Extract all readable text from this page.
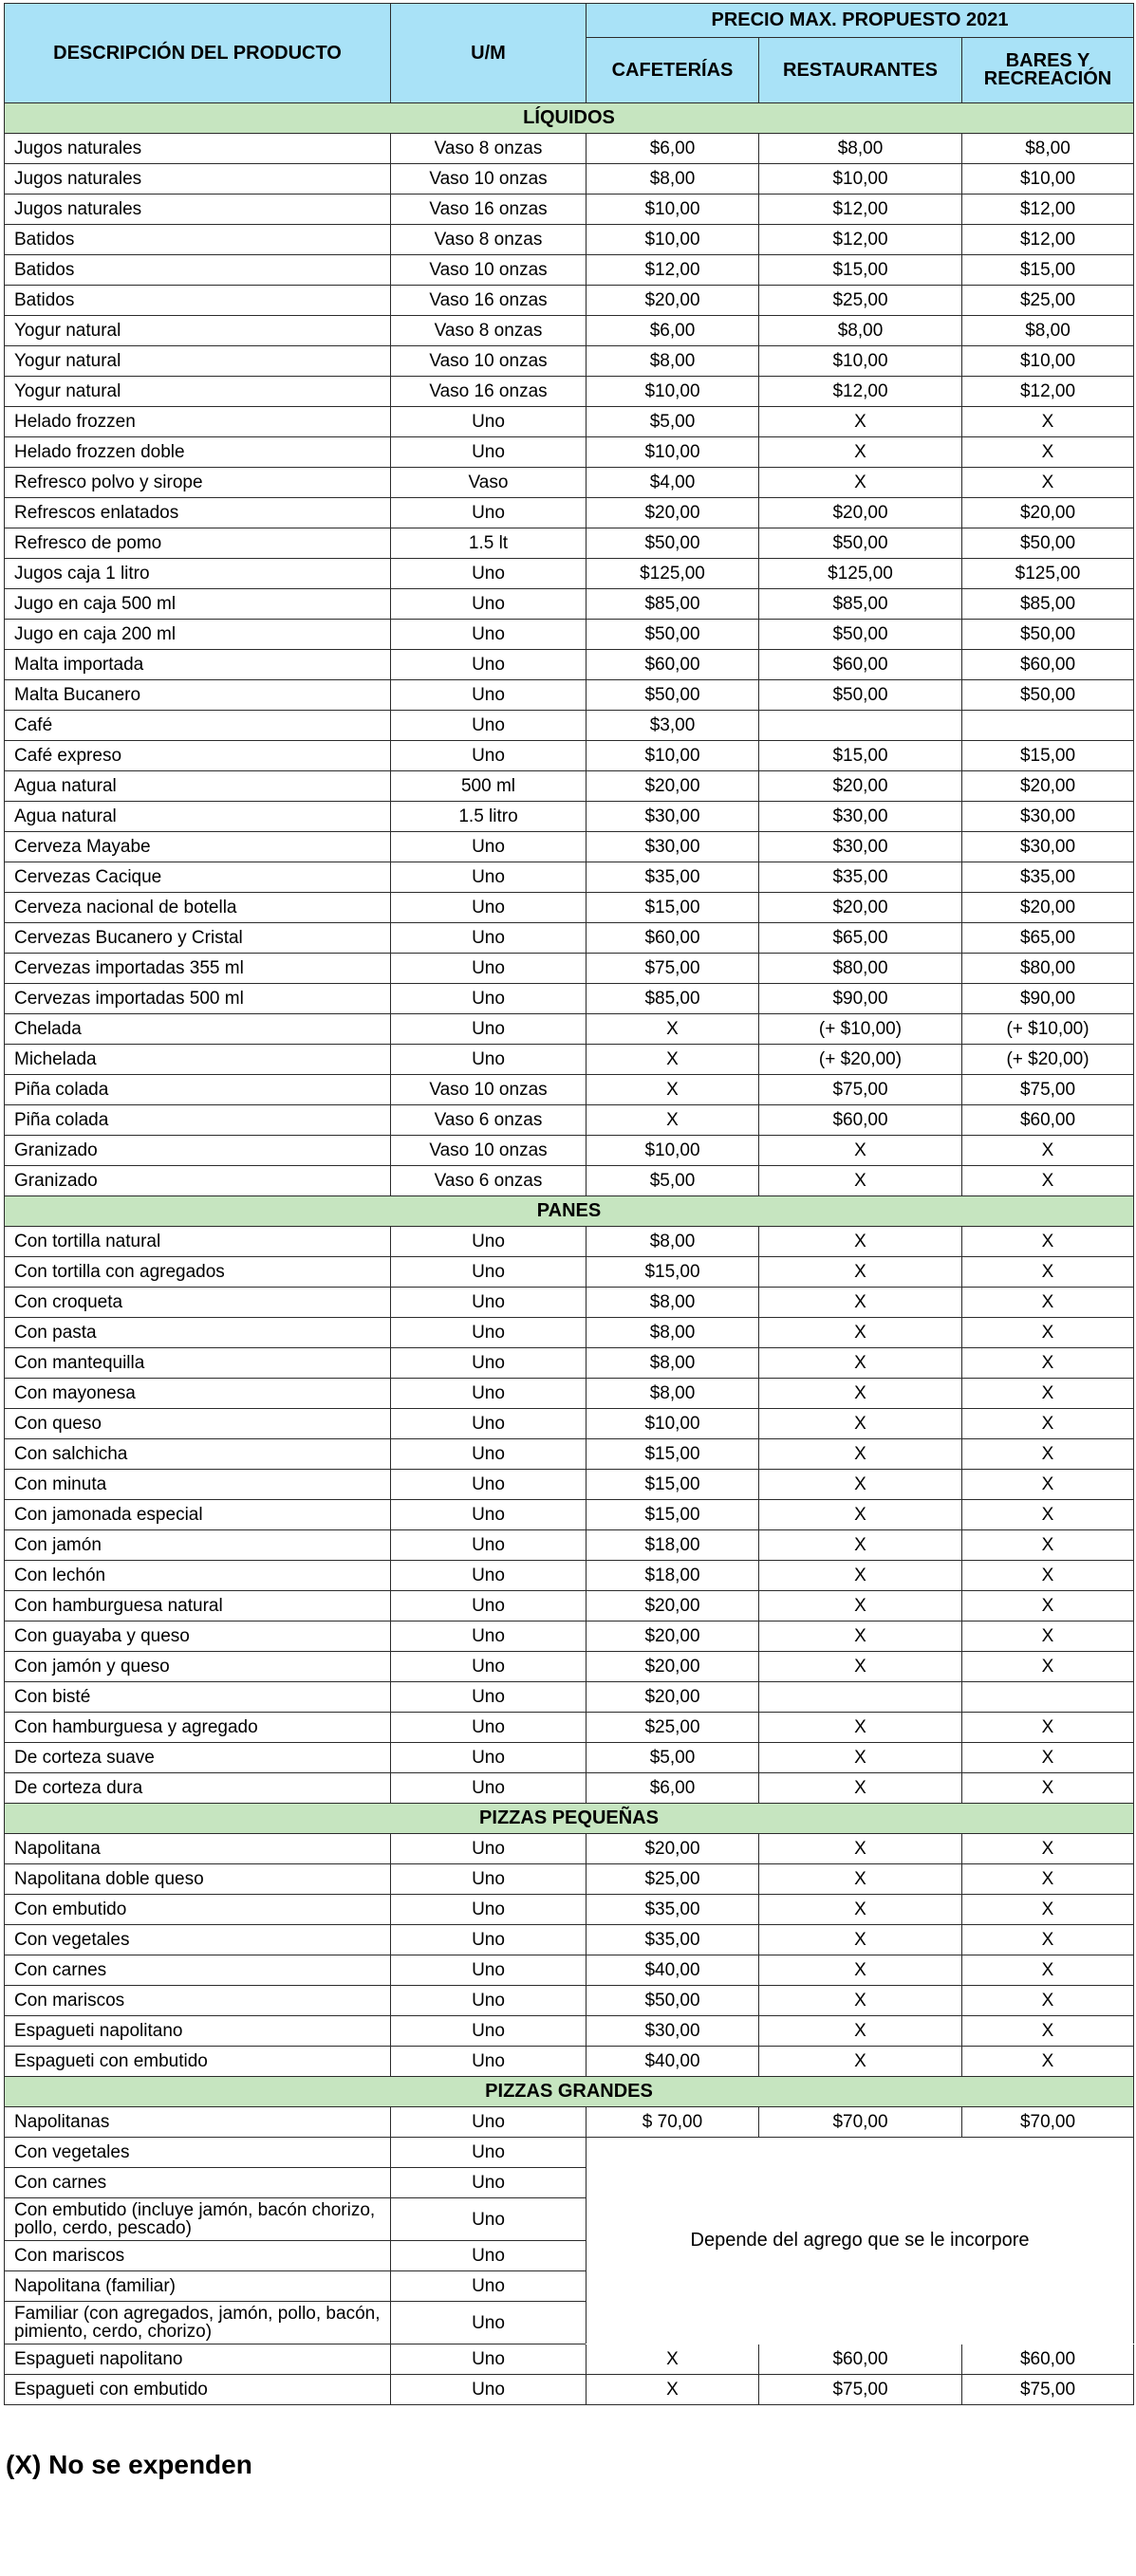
DESCRIPCIÓN DEL PRODUCTO	U/M	PRECIO MAX. PROPUESTO 2021		
		CAFETERÍAS	RESTAURANTES	BARES Y RECREACIÓN
LÍQUIDOS				
Jugos naturales	Vaso 8 onzas	$6,00	$8,00	$8,00
Jugos naturales	Vaso 10 onzas	$8,00	$10,00	$10,00
Jugos naturales	Vaso 16 onzas	$10,00	$12,00	$12,00
Batidos	Vaso 8 onzas	$10,00	$12,00	$12,00
Batidos	Vaso 10 onzas	$12,00	$15,00	$15,00
Batidos	Vaso 16 onzas	$20,00	$25,00	$25,00
Yogur natural	Vaso 8 onzas	$6,00	$8,00	$8,00
Yogur natural	Vaso 10 onzas	$8,00	$10,00	$10,00
Yogur natural	Vaso 16 onzas	$10,00	$12,00	$12,00
Helado frozzen	Uno	$5,00	X	X
Helado frozzen doble	Uno	$10,00	X	X
Refresco polvo y sirope	Vaso	$4,00	X	X
Refrescos enlatados	Uno	$20,00	$20,00	$20,00
Refresco de pomo	1.5 lt	$50,00	$50,00	$50,00
Jugos caja 1 litro	Uno	$125,00	$125,00	$125,00
Jugo en caja 500 ml	Uno	$85,00	$85,00	$85,00
Jugo en caja 200 ml	Uno	$50,00	$50,00	$50,00
Malta importada	Uno	$60,00	$60,00	$60,00
Malta Bucanero	Uno	$50,00	$50,00	$50,00
Café	Uno	$3,00		
Café expreso	Uno	$10,00	$15,00	$15,00
Agua natural	500 ml	$20,00	$20,00	$20,00
Agua natural	1.5 litro	$30,00	$30,00	$30,00
Cerveza Mayabe	Uno	$30,00	$30,00	$30,00
Cervezas Cacique	Uno	$35,00	$35,00	$35,00
Cerveza nacional de botella	Uno	$15,00	$20,00	$20,00
Cervezas Bucanero y Cristal	Uno	$60,00	$65,00	$65,00
Cervezas importadas 355 ml	Uno	$75,00	$80,00	$80,00
Cervezas importadas 500 ml	Uno	$85,00	$90,00	$90,00
Chelada	Uno	X	(+ $10,00)	(+ $10,00)
Michelada	Uno	X	(+ $20,00)	(+ $20,00)
Piña colada	Vaso 10 onzas	X	$75,00	$75,00
Piña colada	Vaso 6 onzas	X	$60,00	$60,00
Granizado	Vaso 10 onzas	$10,00	X	X
Granizado	Vaso 6 onzas	$5,00	X	X
PANES				
Con tortilla natural	Uno	$8,00	X	X
Con tortilla con agregados	Uno	$15,00	X	X
Con croqueta	Uno	$8,00	X	X
Con pasta	Uno	$8,00	X	X
Con mantequilla	Uno	$8,00	X	X
Con mayonesa	Uno	$8,00	X	X
Con queso	Uno	$10,00	X	X
Con salchicha	Uno	$15,00	X	X
Con minuta	Uno	$15,00	X	X
Con jamonada especial	Uno	$15,00	X	X
Con jamón	Uno	$18,00	X	X
Con lechón	Uno	$18,00	X	X
Con hamburguesa natural	Uno	$20,00	X	X
Con guayaba y queso	Uno	$20,00	X	X
Con jamón y queso	Uno	$20,00	X	X
Con bisté	Uno	$20,00		
Con hamburguesa y agregado	Uno	$25,00	X	X
De corteza suave	Uno	$5,00	X	X
De corteza dura	Uno	$6,00	X	X
PIZZAS PEQUEÑAS				
Napolitana	Uno	$20,00	X	X
Napolitana doble queso	Uno	$25,00	X	X
Con embutido	Uno	$35,00	X	X
Con vegetales	Uno	$35,00	X	X
Con carnes	Uno	$40,00	X	X
Con mariscos	Uno	$50,00	X	X
Espagueti napolitano	Uno	$30,00	X	X
Espagueti con embutido	Uno	$40,00	X	X
PIZZAS GRANDES				
Napolitanas	Uno	$ 70,00	$70,00	$70,00
Con vegetales	Uno	Depende del agrego que se le incorpore		
Con carnes	Uno			
Con embutido (incluye jamón, bacón chorizo, pollo, cerdo, pescado)	Uno			
Con mariscos	Uno			
Napolitana (familiar)	Uno			
Familiar (con agregados, jamón, pollo, bacón, pimiento, cerdo, chorizo)	Uno			
Espagueti napolitano	Uno	X	$60,00	$60,00
Espagueti con embutido	Uno	X	$75,00	$75,00
(X) No se expenden
